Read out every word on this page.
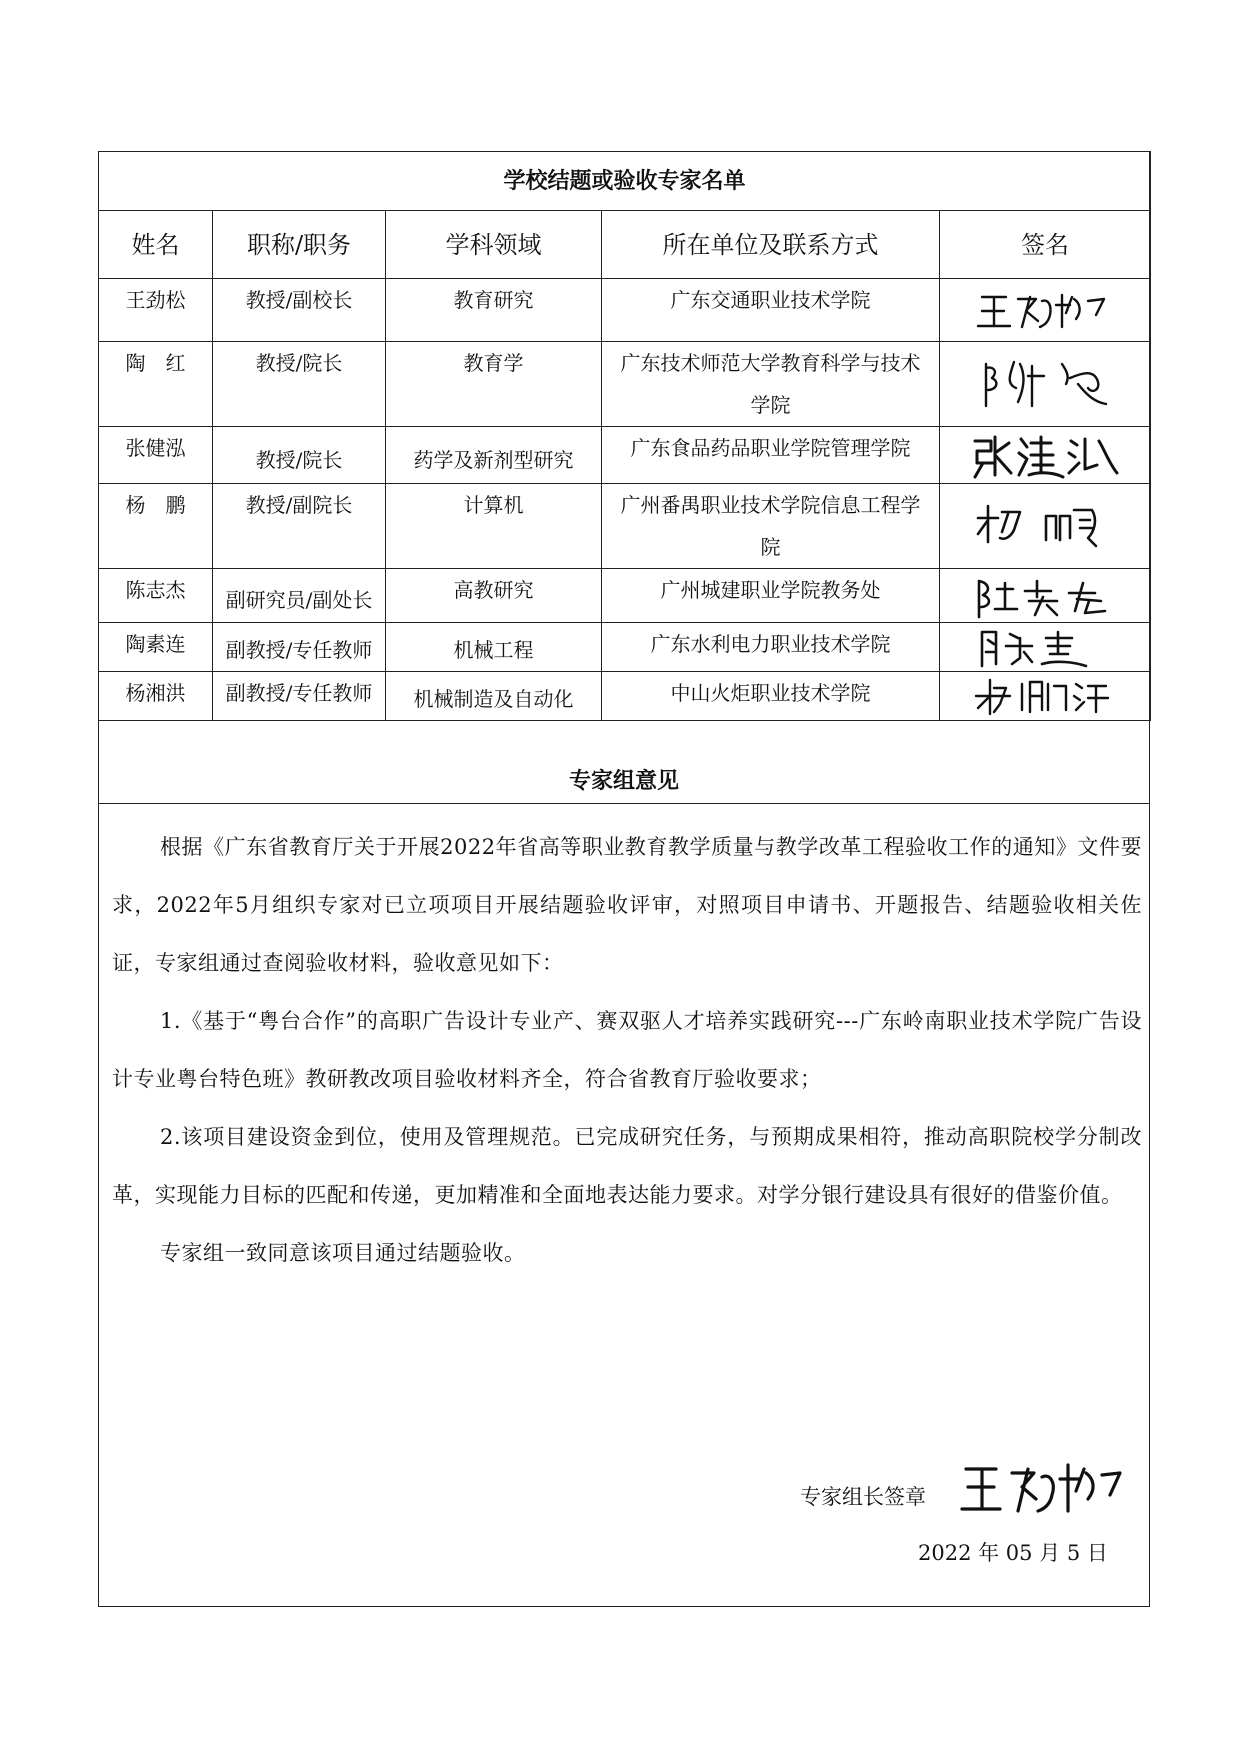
学校结题或验收专家名单				
姓名	职称/职务	学科领域	所在单位及联系方式	签名
王劲松	教授/副校长	教育研究	广东交通职业技术学院	

陶　红	教授/院长	教育学	广东技术师范大学教育科学与技术学院	

张健泓	教授/院长	药学及新剂型研究	广东食品药品职业学院管理学院	

杨　鹏	教授/副院长	计算机	广州番禺职业技术学院信息工程学院	

陈志杰	副研究员/副处长	高教研究	广州城建职业学院教务处	

陶素连	副教授/专任教师	机械工程	广东水利电力职业技术学院	

杨湘洪	副教授/专任教师	机械制造及自动化	中山火炬职业技术学院	
专家组意见

根据《广东省教育厅关于开展2022年省高等职业教育教学质量与教学改革工程验收工作的通知》文件要求，2022年5月组织专家对已立项项目开展结题验收评审，对照项目申请书、开题报告、结题验收相关佐证，专家组通过查阅验收材料，验收意见如下：

1.《基于“粤台合作”的高职广告设计专业产、赛双驱人才培养实践研究---广东岭南职业技术学院广告设计专业粤台特色班》教研教改项目验收材料齐全，符合省教育厅验收要求；

2.该项目建设资金到位，使用及管理规范。已完成研究任务，与预期成果相符，推动高职院校学分制改革，实现能力目标的匹配和传递，更加精准和全面地表达能力要求。对学分银行建设具有很好的借鉴价值。

专家组一致同意该项目通过结题验收。

专家组长签章
2022 年 05 月 5 日
